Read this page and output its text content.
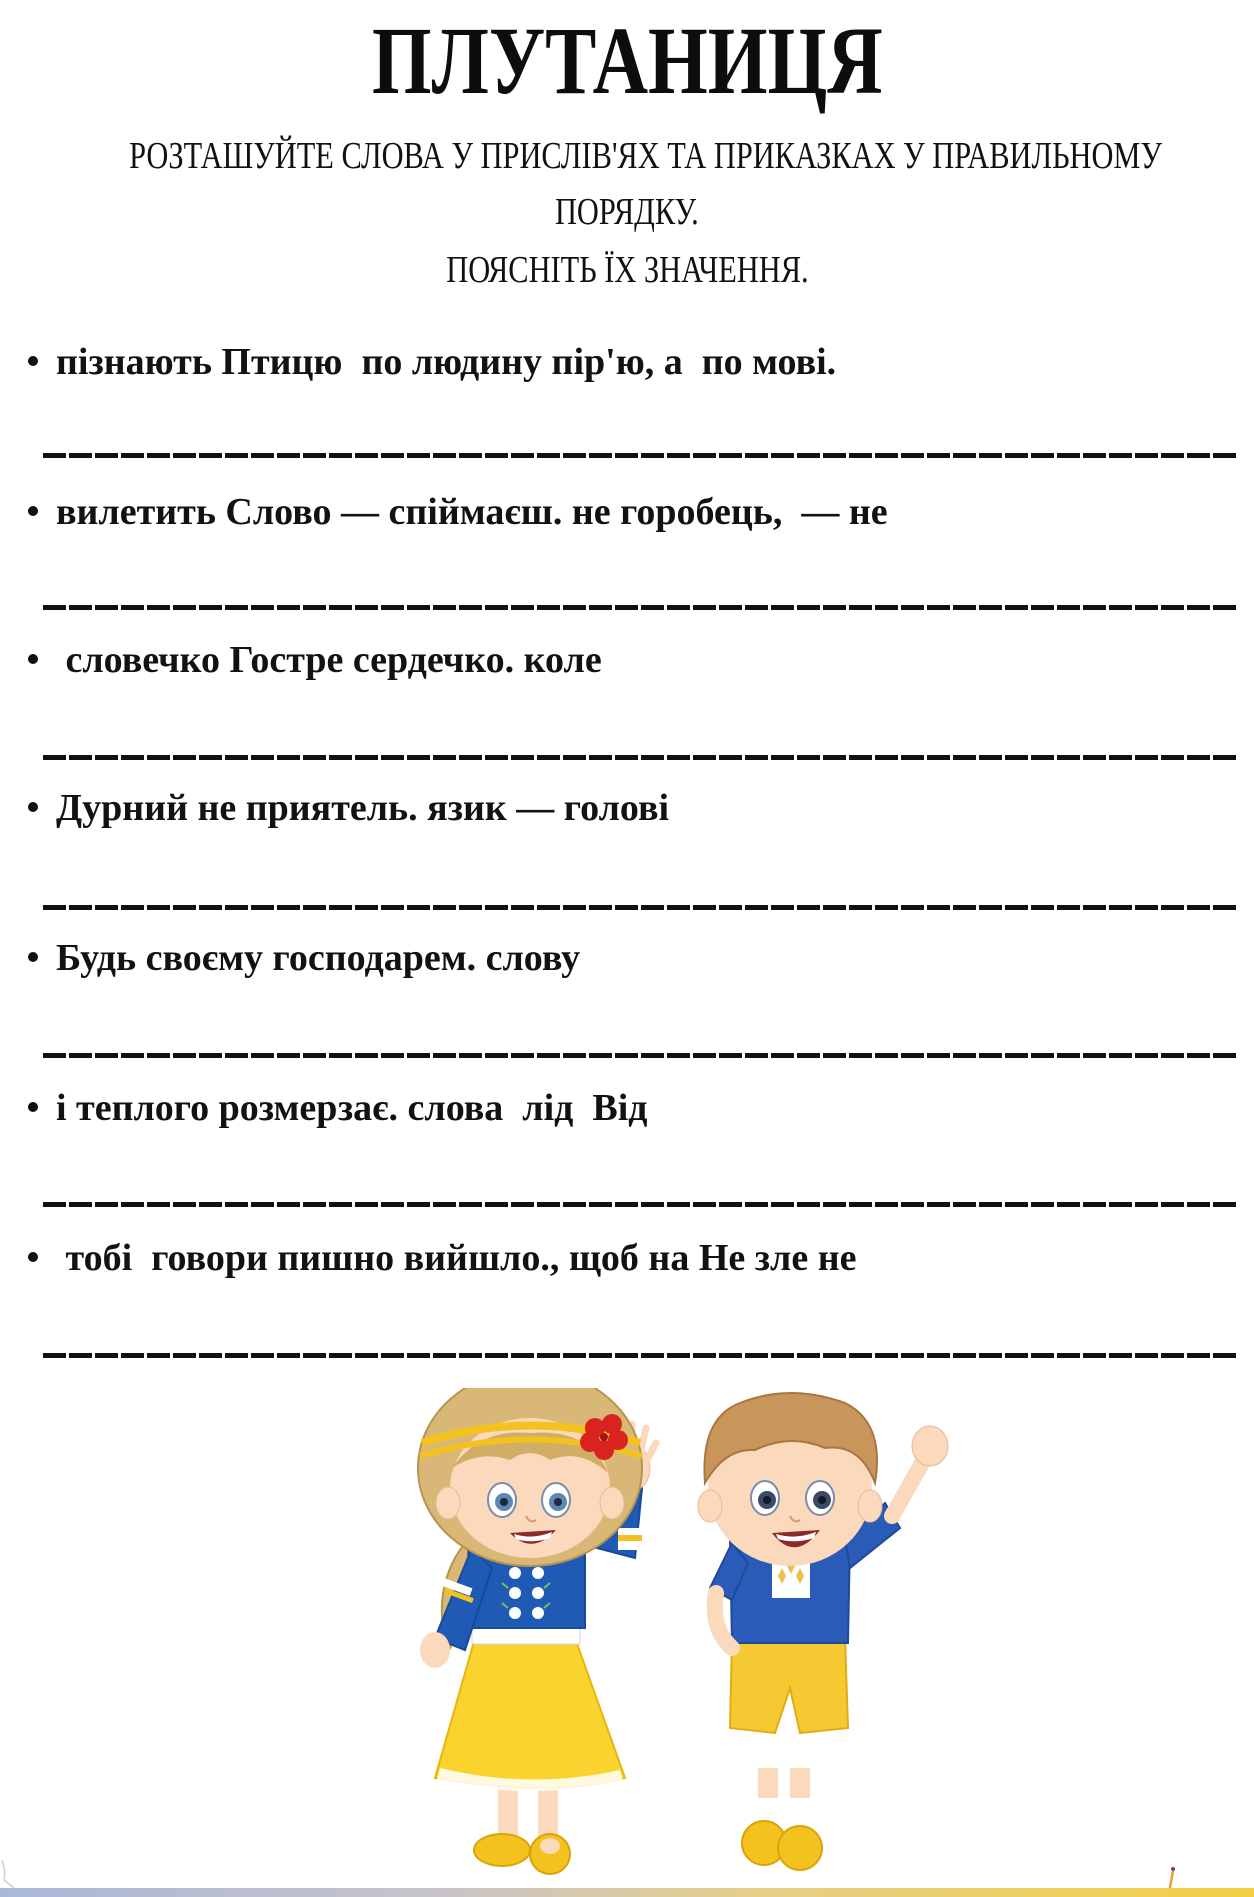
ПЛУТАНИЦЯ
РОЗТАШУЙТЕ СЛОВА У ПРИСЛІВ'ЯХ ТА ПРИКАЗКАХ У ПРАВИЛЬНОМУ
ПОРЯДКУ.
ПОЯСНІТЬ ЇХ ЗНАЧЕННЯ.
пізнають Птицю  по людину пір'ю, а  по мові.
вилетить Слово — спіймаєш. не горобець,  — не
словечко Гостре сердечко. коле
Дурний не приятель. язик — голові
Будь своєму господарем. слову
і теплого розмерзає. слова  лід  Від
тобі  говори пишно вийшло., щоб на Не зле не
